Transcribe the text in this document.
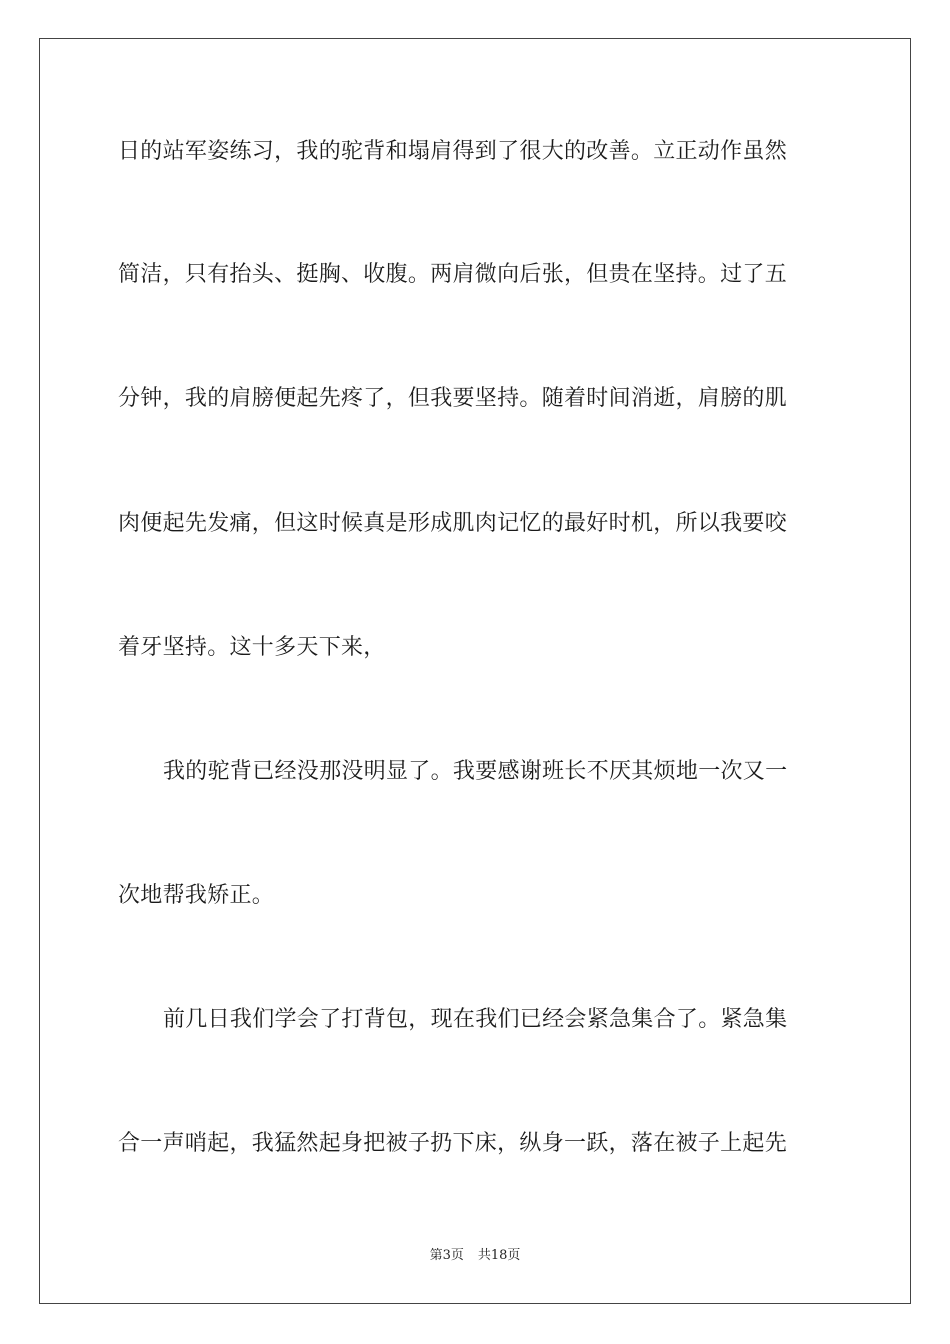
日的站军姿练习，我的驼背和塌肩得到了很大的改善。立正动作虽然
简洁，只有抬头、挺胸、收腹。两肩微向后张，但贵在坚持。过了五
分钟，我的肩膀便起先疼了，但我要坚持。随着时间消逝，肩膀的肌
肉便起先发痛，但这时候真是形成肌肉记忆的最好时机，所以我要咬
着牙坚持。这十多天下来，
我的驼背已经没那没明显了。我要感谢班长不厌其烦地一次又一
次地帮我矫正。
前几日我们学会了打背包，现在我们已经会紧急集合了。紧急集
合一声哨起，我猛然起身把被子扔下床，纵身一跃，落在被子上起先
第3页 共18页
